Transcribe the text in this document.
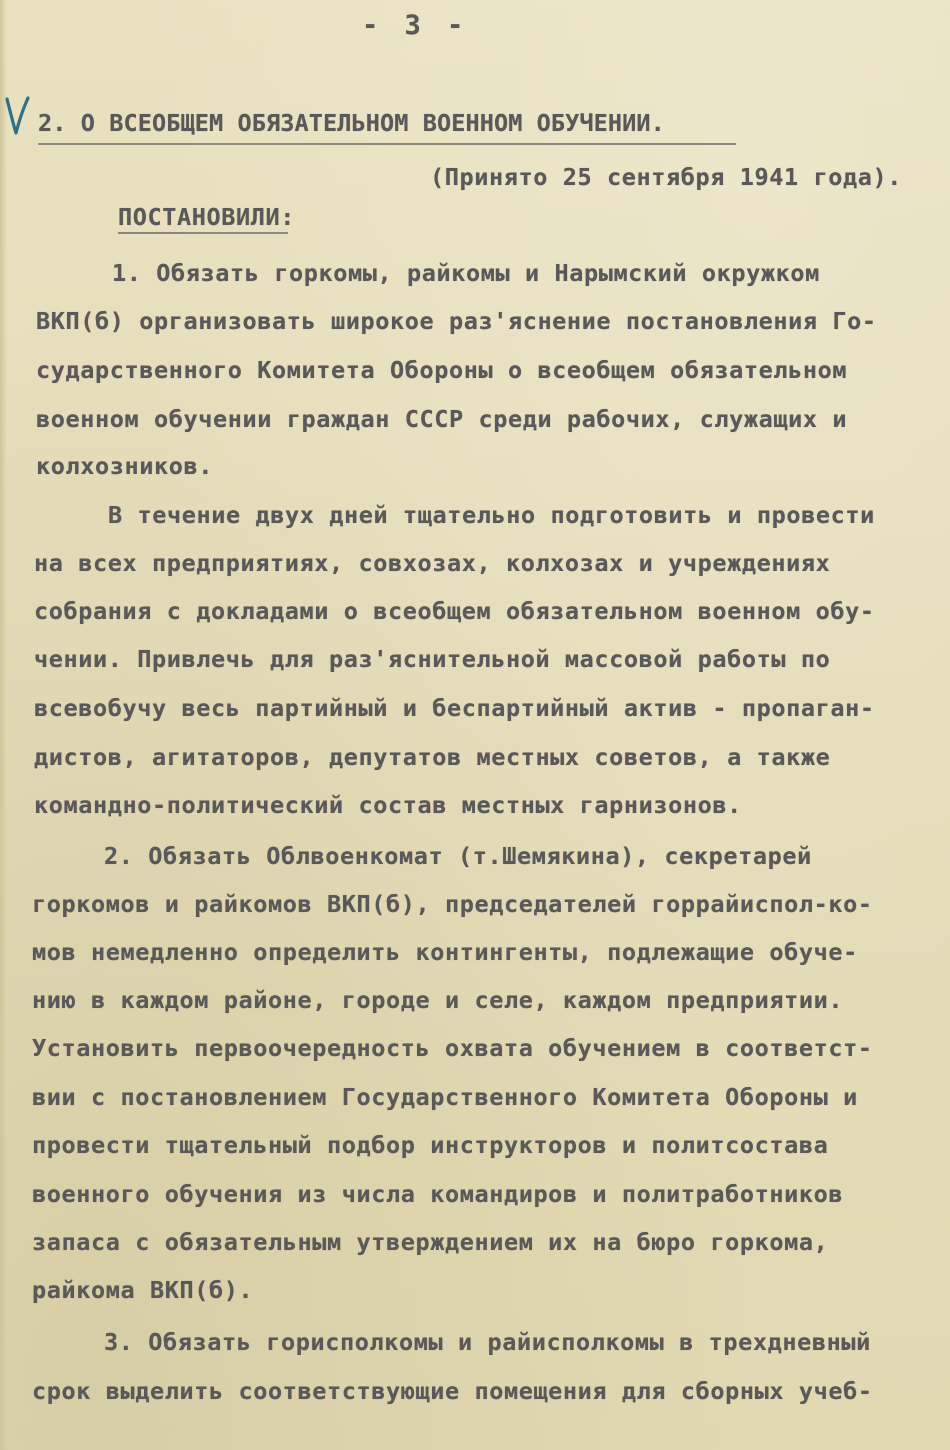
- 3 -
2. О ВСЕОБЩЕМ ОБЯЗАТЕЛЬНОМ ВОЕННОМ ОБУЧЕНИИ.
(Принято 25 сентября 1941 года).
ПОСТАНОВИЛИ:
1. Обязать горкомы, райкомы и Нарымский окружком
ВКП(б) организовать широкое раз'яснение постановления Го-
сударственного Комитета Обороны о всеобщем обязательном
военном обучении граждан СССР среди рабочих, служащих и
колхозников.
В течение двух дней тщательно подготовить и провести
на всех предприятиях, совхозах, колхозах и учреждениях
собрания с докладами о всеобщем обязательном военном обу-
чении. Привлечь для раз'яснительной массовой работы по
всевобучу весь партийный и беспартийный актив - пропаган-
дистов, агитаторов, депутатов местных советов, а также
командно-политический состав местных гарнизонов.
2. Обязать Облвоенкомат (т.Шемякина), секретарей
горкомов и райкомов ВКП(б), председателей горрайиспол-ко-
мов немедленно определить контингенты, подлежащие обуче-
нию в каждом районе, городе и селе, каждом предприятии.
Установить первоочередность охвата обучением в соответст-
вии с постановлением Государственного Комитета Обороны и
провести тщательный подбор инструкторов и политсостава
военного обучения из числа командиров и политработников
запаса с обязательным утверждением их на бюро горкома,
райкома ВКП(б).
3. Обязать горисполкомы и райисполкомы в трехдневный
срок выделить соответствующие помещения для сборных учеб-
